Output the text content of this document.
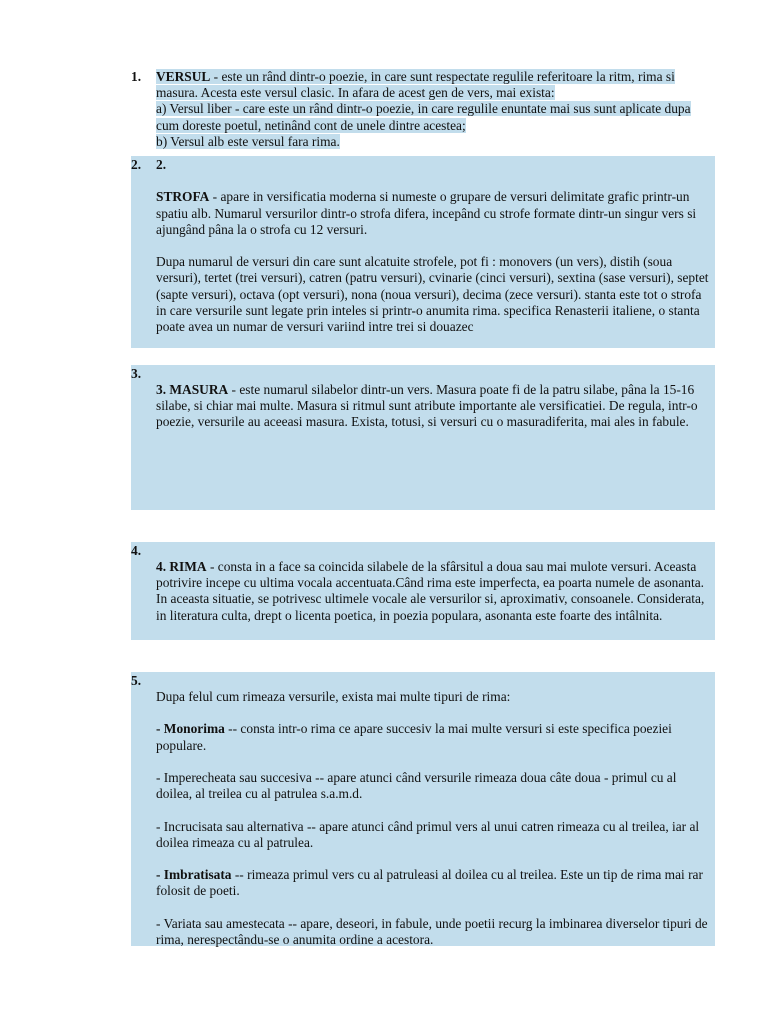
1.	VERSUL - este un rând dintr-o poezie, in care sunt respectate regulile referitoare la ritm, rima si masura. Acesta este versul clasic. In afara de acest gen de vers, mai exista:

a) Versul liber - care este un rând dintr-o poezie, in care regulile enuntate mai sus sunt aplicate dupa cum doreste poetul, netinând cont de unele dintre acestea;

b) Versul alb este versul fara rima.

2.	2.

STROFA - apare in versificatia moderna si numeste o grupare de versuri delimitate grafic printr-un spatiu alb. Numarul versurilor dintr-o strofa difera, incepând cu strofe formate dintr-un singur vers si ajungând pâna la o strofa cu 12 versuri.

Dupa numarul de versuri din care sunt alcatuite strofele, pot fi : monovers (un vers), distih (soua versuri), tertet (trei versuri), catren (patru versuri), cvinarie (cinci versuri), sextina (sase versuri), septet (sapte versuri), octava (opt versuri), nona (noua versuri), decima (zece versuri). stanta este tot o strofa in care versurile sunt legate prin inteles si printr-o anumita rima. specifica Renasterii italiene, o stanta poate avea un numar de versuri variind intre trei si douazec

3.

3. MASURA - este numarul silabelor dintr-un vers. Masura poate fi de la patru silabe, pâna la 15-16 silabe, si chiar mai multe. Masura si ritmul sunt atribute importante ale versificatiei. De regula, intr-o poezie, versurile au aceeasi masura. Exista, totusi, si versuri cu o masuradiferita, mai ales in fabule.

4.

4. RIMA - consta in a face sa coincida silabele de la sfârsitul a doua sau mai mulote versuri. Aceasta potrivire incepe cu ultima vocala accentuata.Când rima este imperfecta, ea poarta numele de asonanta. In aceasta situatie, se potrivesc ultimele vocale ale versurilor si, aproximativ, consoanele. Considerata, in literatura culta, drept o licenta poetica, in poezia populara, asonanta este foarte des intâlnita.

5.

Dupa felul cum rimeaza versurile, exista mai multe tipuri de rima:

- Monorima -- consta intr-o rima ce apare succesiv la mai multe versuri si este specifica poeziei populare.

- Imperecheata sau succesiva -- apare atunci când versurile rimeaza doua câte doua - primul cu al doilea, al treilea cu al patrulea s.a.m.d.

- Incrucisata sau alternativa -- apare atunci când primul vers al unui catren rimeaza cu al treilea, iar al doilea rimeaza cu al patrulea.

- Imbratisata -- rimeaza primul vers cu al patruleasi al doilea cu al treilea. Este un tip de rima mai rar folosit de poeti.

- Variata sau amestecata -- apare, deseori, in fabule, unde poetii recurg la imbinarea diverselor tipuri de rima, nerespectându-se o anumita ordine a acestora.
